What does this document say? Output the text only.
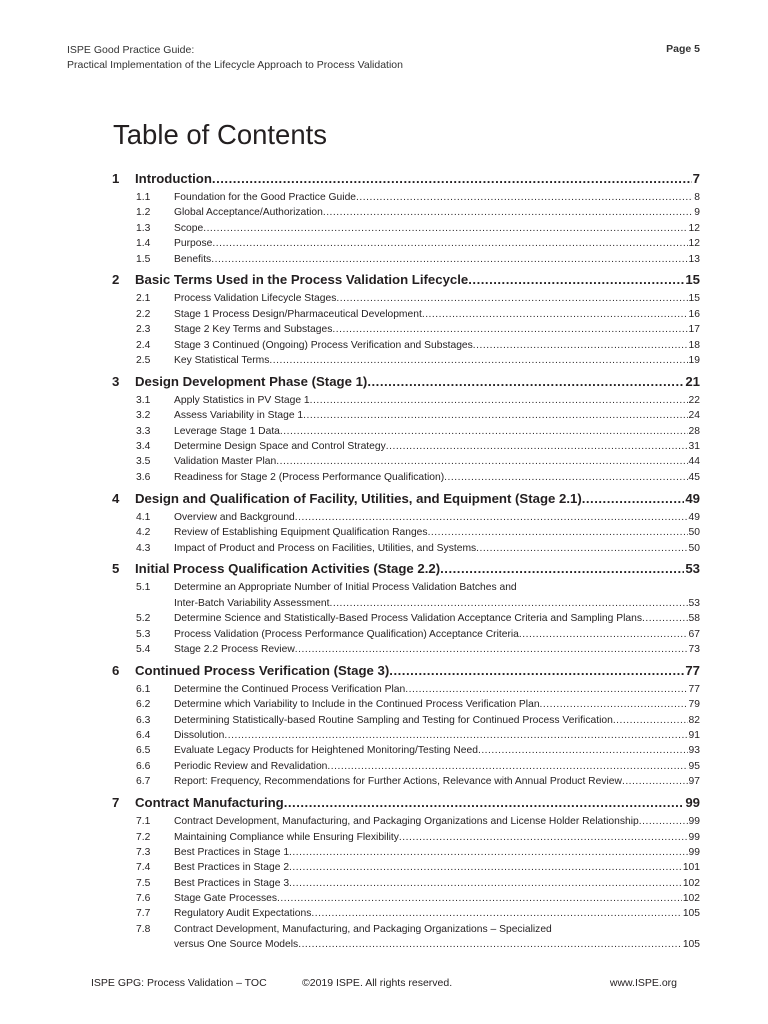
ISPE Good Practice Guide:
Practical Implementation of the Lifecycle Approach to Process Validation
Page 5
Table of Contents
1	Introduction .....	7
1.1	Foundation for the Good Practice Guide .....	8
1.2	Global Acceptance/Authorization .....	9
1.3	Scope .....	12
1.4	Purpose .....	12
1.5	Benefits .....	13
2	Basic Terms Used in the Process Validation Lifecycle .....	15
2.1	Process Validation Lifecycle Stages .....	15
2.2	Stage 1 Process Design/Pharmaceutical Development .....	16
2.3	Stage 2 Key Terms and Substages .....	17
2.4	Stage 3 Continued (Ongoing) Process Verification and Substages .....	18
2.5	Key Statistical Terms .....	19
3	Design Development Phase (Stage 1) .....	21
3.1	Apply Statistics in PV Stage 1 .....	22
3.2	Assess Variability in Stage 1 .....	24
3.3	Leverage Stage 1 Data .....	28
3.4	Determine Design Space and Control Strategy .....	31
3.5	Validation Master Plan .....	44
3.6	Readiness for Stage 2 (Process Performance Qualification) .....	45
4	Design and Qualification of Facility, Utilities, and Equipment (Stage 2.1) .....	49
4.1	Overview and Background .....	49
4.2	Review of Establishing Equipment Qualification Ranges .....	50
4.3	Impact of Product and Process on Facilities, Utilities, and Systems .....	50
5	Initial Process Qualification Activities (Stage 2.2) .....	53
5.1	Determine an Appropriate Number of Initial Process Validation Batches and
Inter-Batch Variability Assessment .....	53
5.2	Determine Science and Statistically-Based Process Validation Acceptance Criteria and Sampling Plans .....	58
5.3	Process Validation (Process Performance Qualification) Acceptance Criteria .....	67
5.4	Stage 2.2 Process Review .....	73
6	Continued Process Verification (Stage 3) .....	77
6.1	Determine the Continued Process Verification Plan .....	77
6.2	Determine which Variability to Include in the Continued Process Verification Plan .....	79
6.3	Determining Statistically-based Routine Sampling and Testing for Continued Process Verification .....	82
6.4	Dissolution .....	91
6.5	Evaluate Legacy Products for Heightened Monitoring/Testing Need .....	93
6.6	Periodic Review and Revalidation .....	95
6.7	Report: Frequency, Recommendations for Further Actions, Relevance with Annual Product Review .....	97
7	Contract Manufacturing .....	99
7.1	Contract Development, Manufacturing, and Packaging Organizations and License Holder Relationship .....	99
7.2	Maintaining Compliance while Ensuring Flexibility .....	99
7.3	Best Practices in Stage 1 .....	99
7.4	Best Practices in Stage 2 .....	101
7.5	Best Practices in Stage 3 .....	102
7.6	Stage Gate Processes .....	102
7.7	Regulatory Audit Expectations .....	105
7.8	Contract Development, Manufacturing, and Packaging Organizations – Specialized
versus One Source Models .....	105
ISPE GPG: Process Validation – TOC	©2019 ISPE. All rights reserved.	www.ISPE.org
